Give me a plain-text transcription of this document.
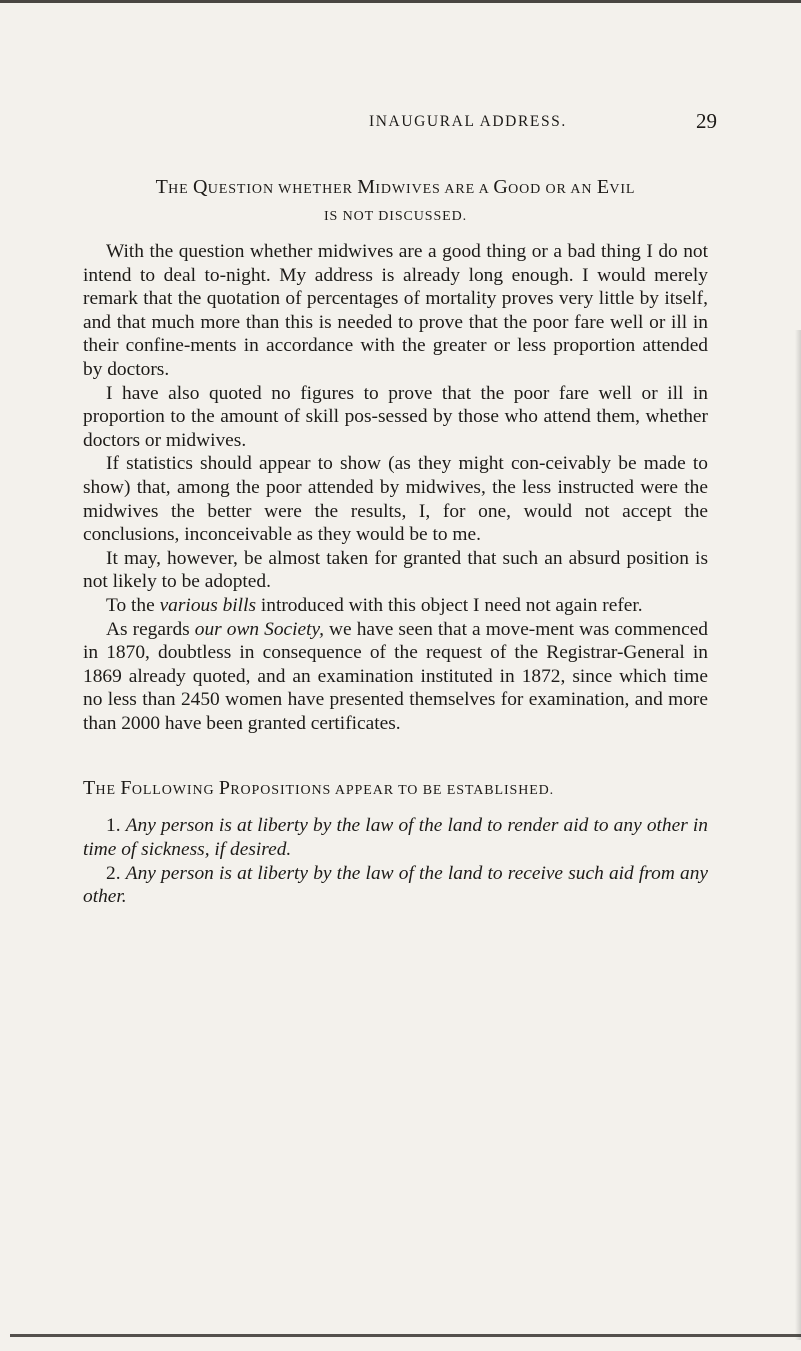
INAUGURAL ADDRESS.	29
THE QUESTION WHETHER MIDWIVES ARE A GOOD OR AN EVIL
IS NOT DISCUSSED.

With the question whether midwives are a good thing or a bad thing I do not intend to deal to-night. My address is already long enough. I would merely remark that the quotation of percentages of mortality proves very little by itself, and that much more than this is needed to prove that the poor fare well or ill in their confine-ments in accordance with the greater or less proportion attended by doctors.

I have also quoted no figures to prove that the poor fare well or ill in proportion to the amount of skill pos-sessed by those who attend them, whether doctors or midwives.

If statistics should appear to show (as they might con-ceivably be made to show) that, among the poor attended by midwives, the less instructed were the midwives the better were the results, I, for one, would not accept the conclusions, inconceivable as they would be to me.

It may, however, be almost taken for granted that such an absurd position is not likely to be adopted.

To the various bills introduced with this object I need not again refer.

As regards our own Society, we have seen that a move-ment was commenced in 1870, doubtless in consequence of the request of the Registrar-General in 1869 already quoted, and an examination instituted in 1872, since which time no less than 2450 women have presented themselves for examination, and more than 2000 have been granted certificates.

THE FOLLOWING PROPOSITIONS APPEAR TO BE ESTABLISHED.

1. Any person is at liberty by the law of the land to render aid to any other in time of sickness, if desired.

2. Any person is at liberty by the law of the land to receive such aid from any other.
